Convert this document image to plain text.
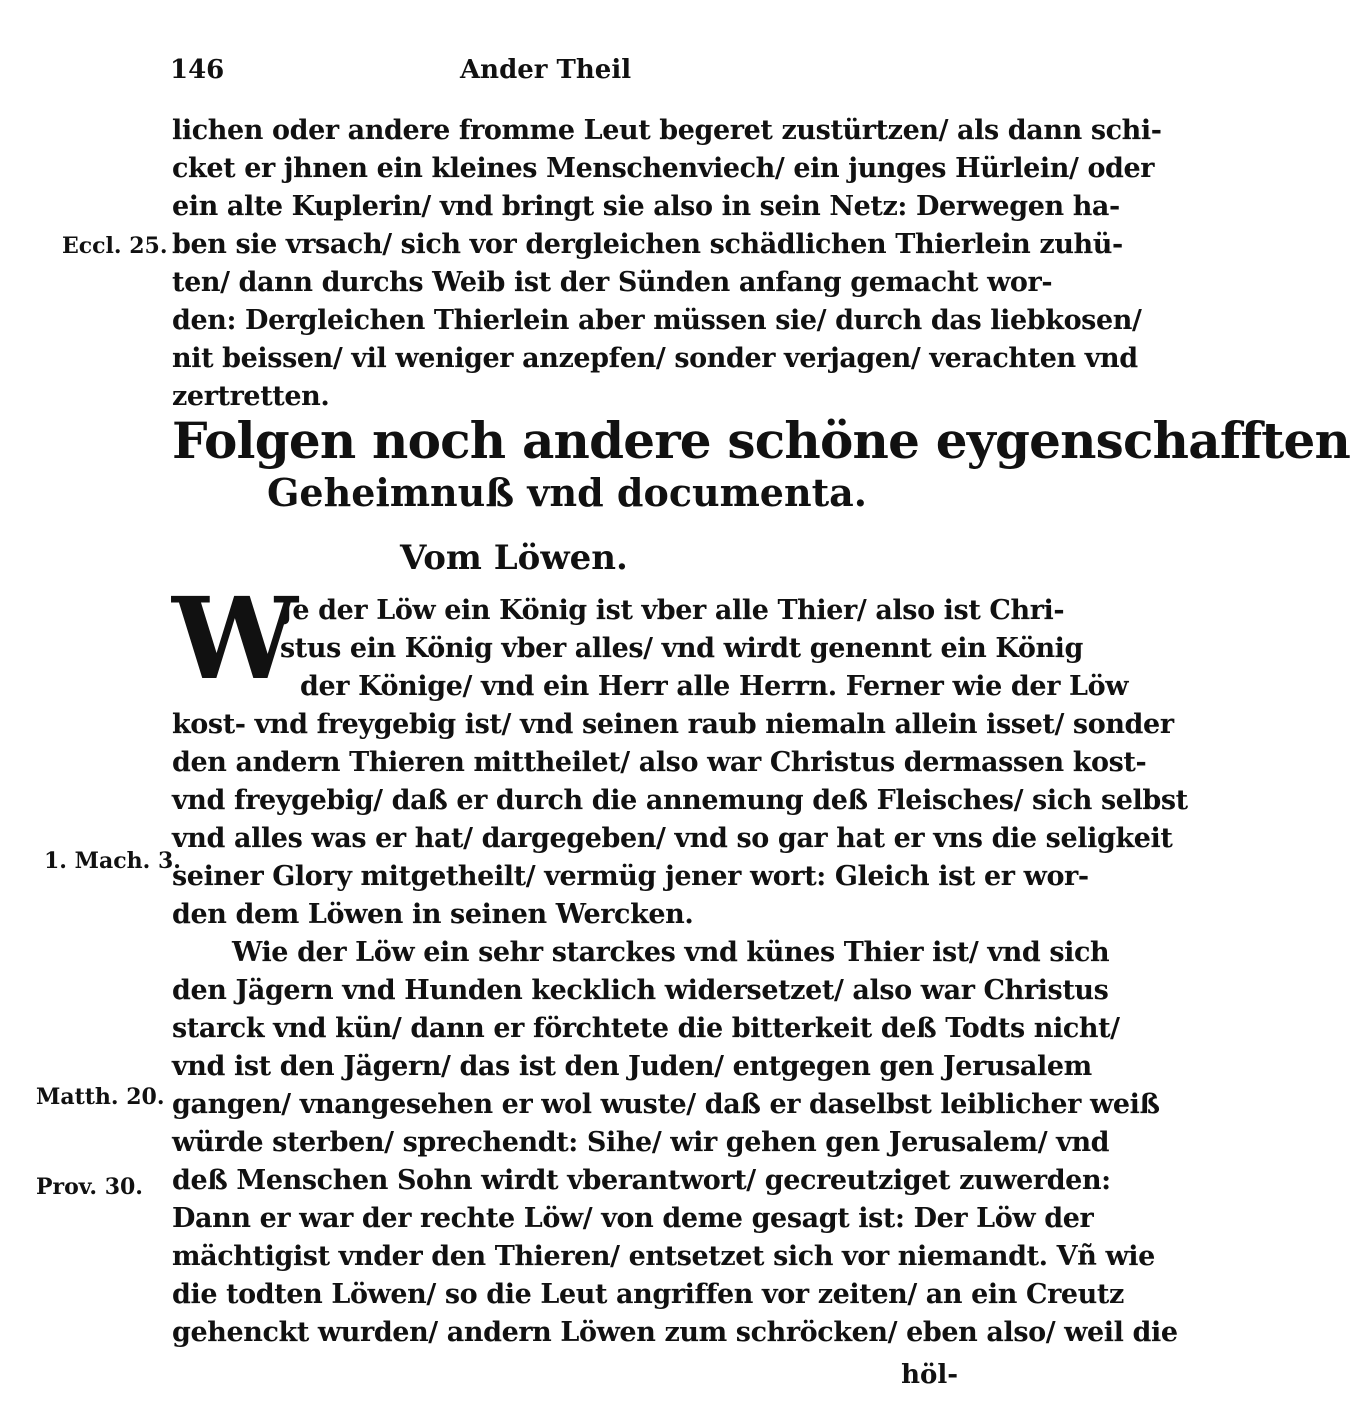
146	Ander Theil
lichen oder andere fromme Leut begeret zustürtzen/ als dann schi-
cket er jhnen ein kleines Menschenviech/ ein junges Hürlein/ oder
ein alte Kuplerin/ vnd bringt sie also in sein Netz: Derwegen ha-
ben sie vrsach/ sich vor dergleichen schädlichen Thierlein zuhü-
ten/ dann durchs Weib ist der Sünden anfang gemacht wor-
den: Dergleichen Thierlein aber müssen sie/ durch das liebkosen/
nit beissen/ vil weniger anzepfen/ sonder verjagen/ verachten vnd
zertretten.
Eccl. 25.
Folgen noch andere schöne eygenschafften
Geheimnuß vnd documenta.
Vom Löwen.
W
Je der Löw ein König ist vber alle Thier/ also ist Chri-
stus ein König vber alles/ vnd wirdt genennt ein König
der Könige/ vnd ein Herr alle Herrn. Ferner wie der Löw
kost- vnd freygebig ist/ vnd seinen raub niemaln allein isset/ sonder
den andern Thieren mittheilet/ also war Christus dermassen kost-
vnd freygebig/ daß er durch die annemung deß Fleisches/ sich selbst
vnd alles was er hat/ dargegeben/ vnd so gar hat er vns die seligkeit
seiner Glory mitgetheilt/ vermüg jener wort: Gleich ist er wor-
den dem Löwen in seinen Wercken.
1. Mach. 3.
Wie der Löw ein sehr starckes vnd künes Thier ist/ vnd sich
den Jägern vnd Hunden kecklich widersetzet/ also war Christus
starck vnd kün/ dann er förchtete die bitterkeit deß Todts nicht/
vnd ist den Jägern/ das ist den Juden/ entgegen gen Jerusalem
gangen/ vnangesehen er wol wuste/ daß er daselbst leiblicher weiß
würde sterben/ sprechendt: Sihe/ wir gehen gen Jerusalem/ vnd
deß Menschen Sohn wirdt vberantwort/ gecreutziget zuwerden:
Dann er war der rechte Löw/ von deme gesagt ist: Der Löw der
mächtigist vnder den Thieren/ entsetzet sich vor niemandt. Vñ wie
die todten Löwen/ so die Leut angriffen vor zeiten/ an ein Creutz
gehenckt wurden/ andern Löwen zum schröcken/ eben also/ weil die
Matth. 20.
Prov. 30.
höl-
